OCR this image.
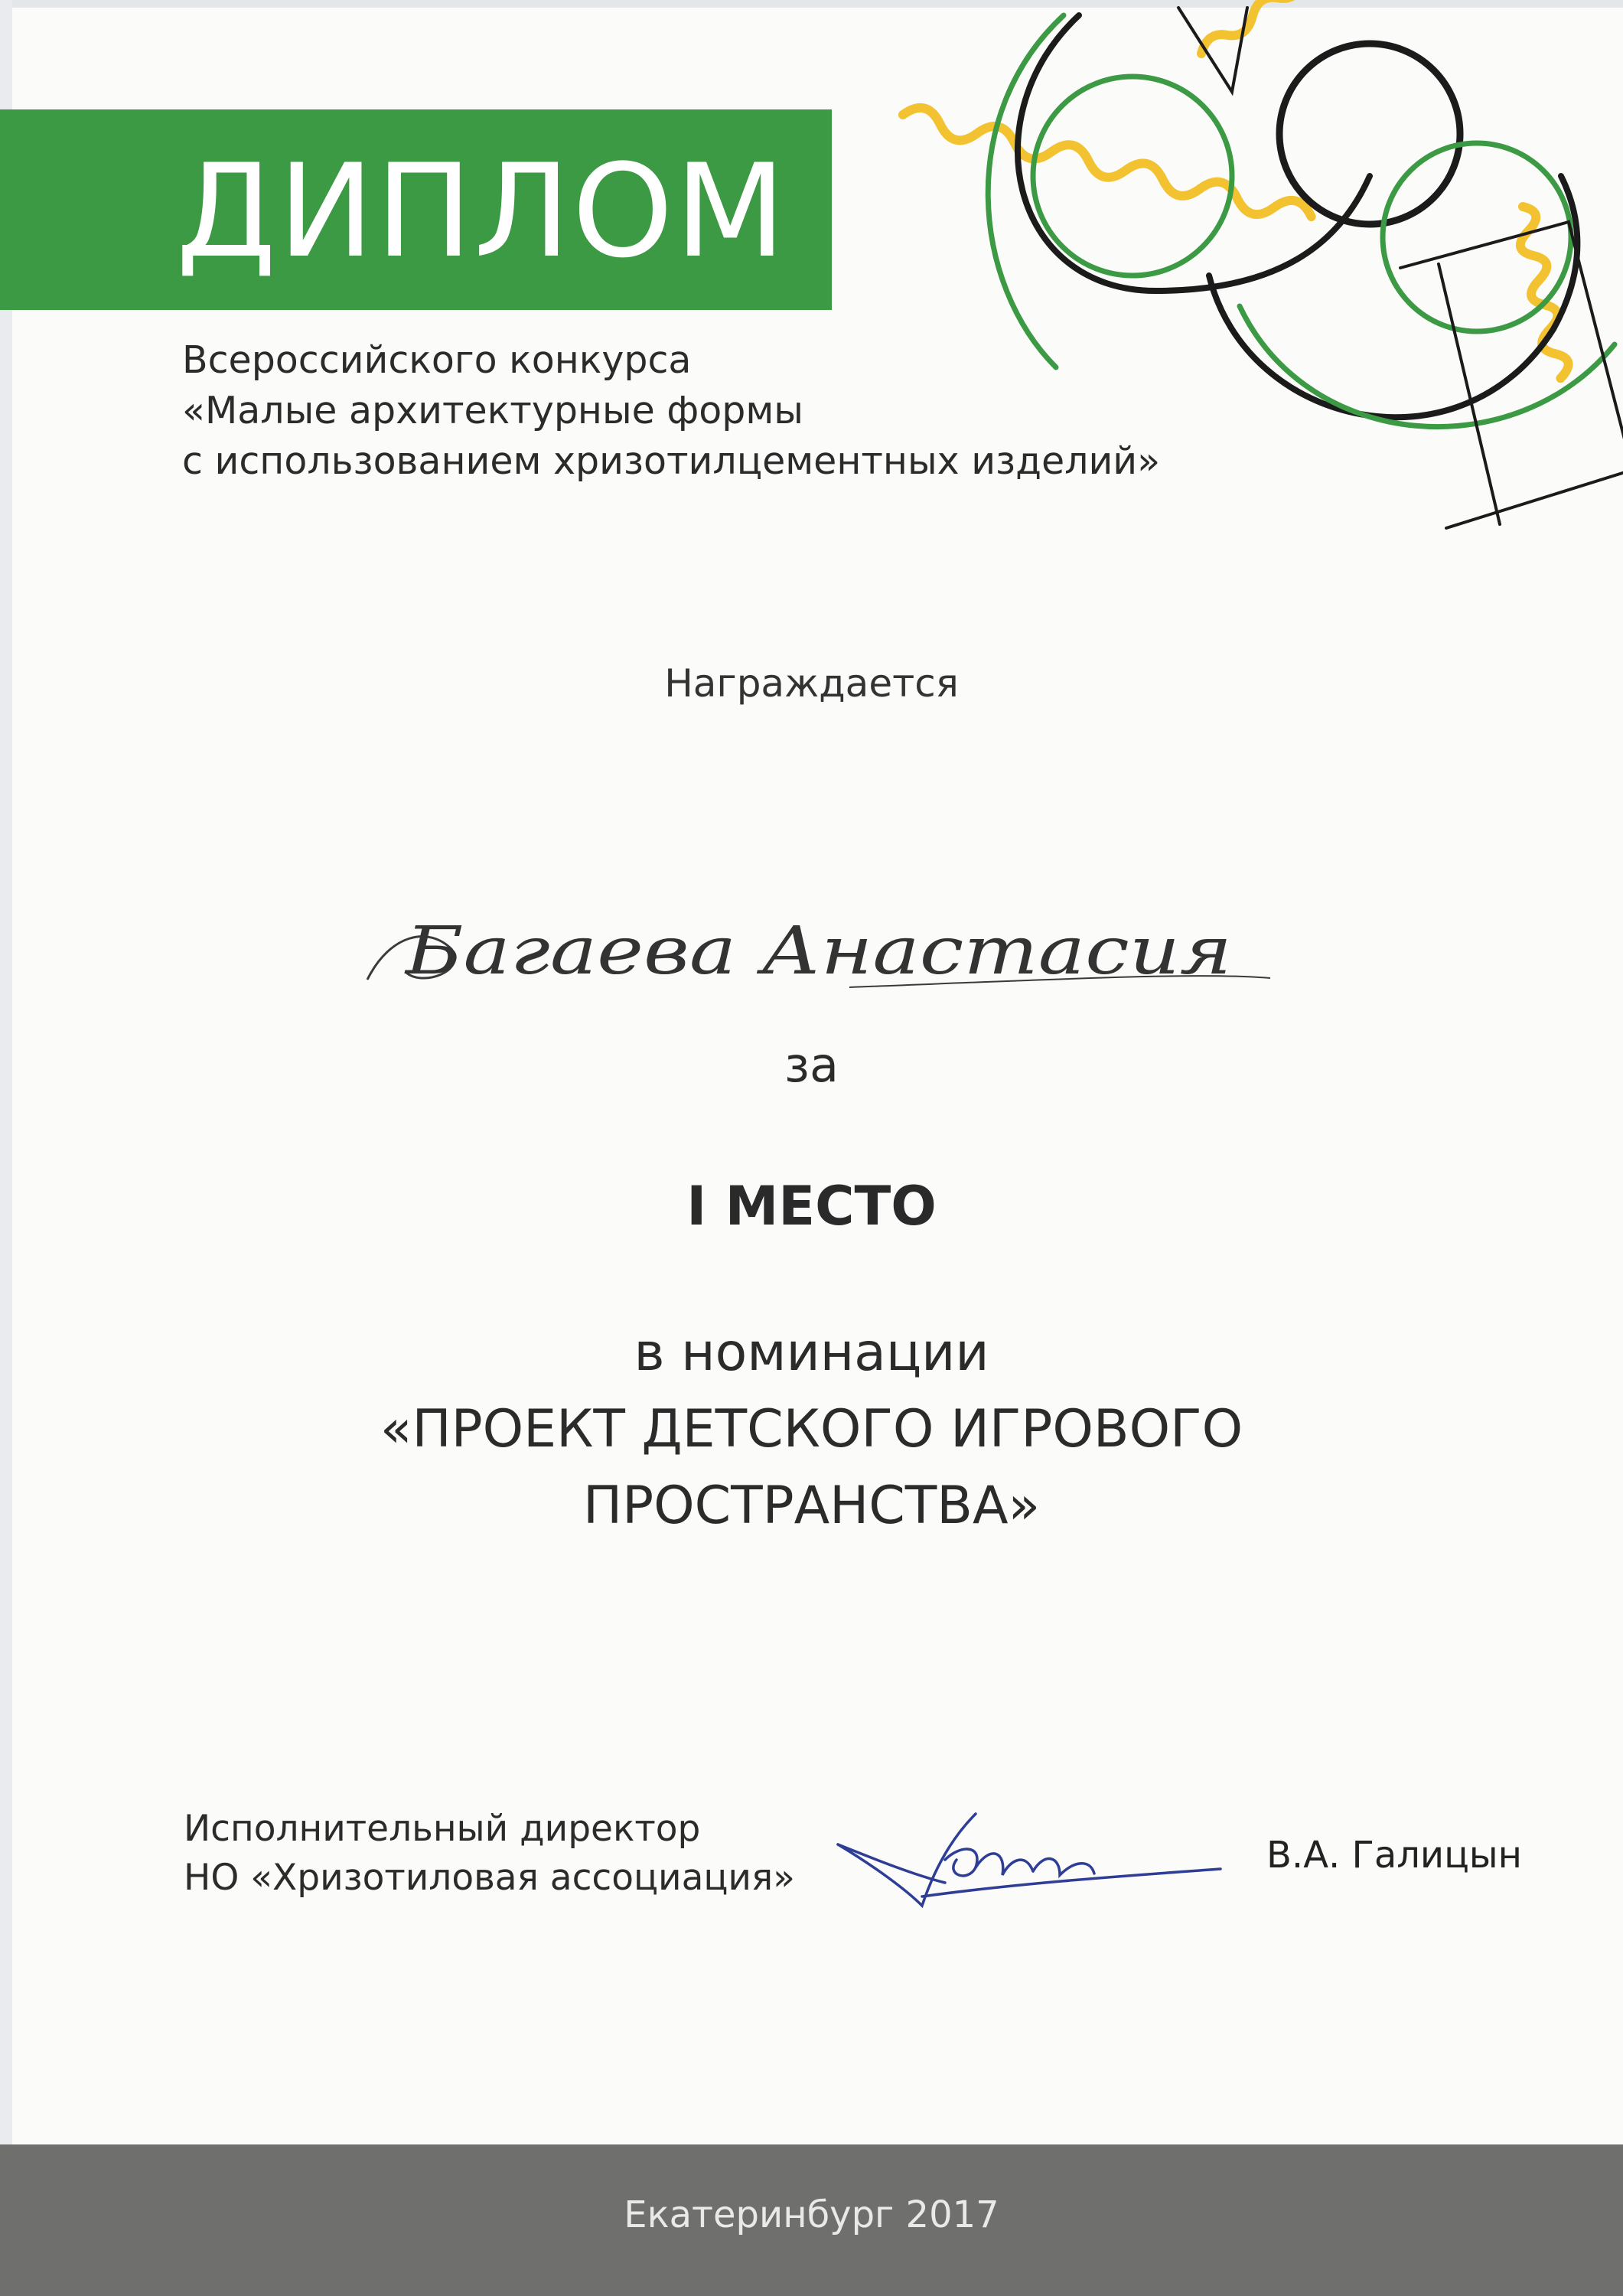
ДИПЛОМ
Всероссийского конкурса
«Малые архитектурные формы
с использованием хризотилцементных изделий»
Награждается
Багаева Анастасия
за
I МЕСТО
в номинации
«ПРОЕКТ ДЕТСКОГО ИГРОВОГО
ПРОСТРАНСТВА»
Исполнительный директор
НО «Хризотиловая ассоциация»
В.А. Галицын
Екатеринбург 2017
